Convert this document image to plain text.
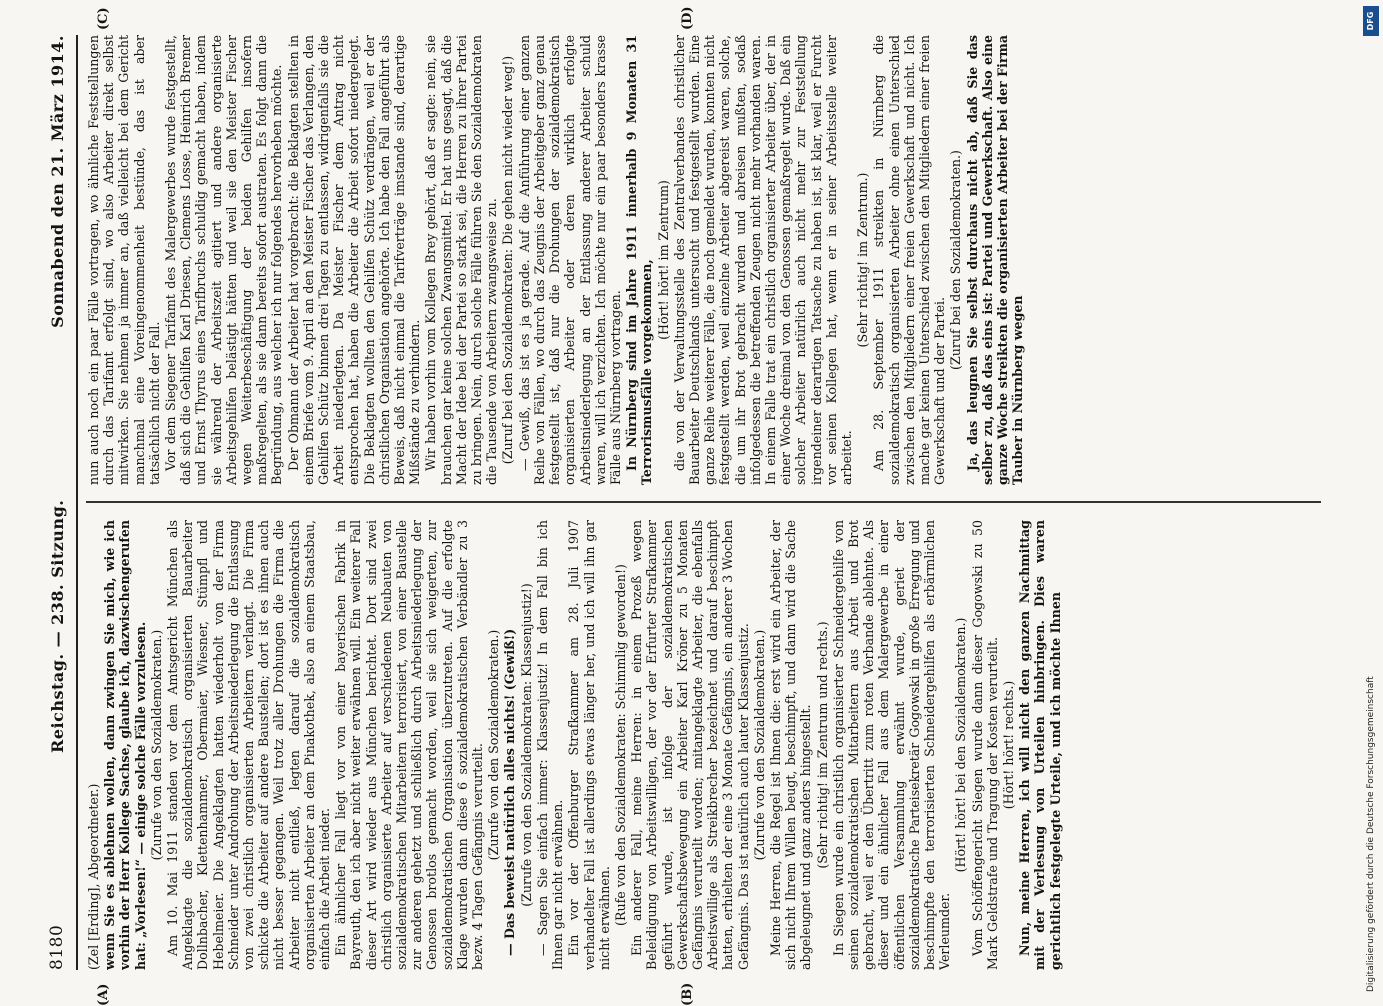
8180
Reichstag. — 238. Sitzung.
Sonnabend den 21. März 1914.

(Zel [Erding], Abgeordneter.) wenn Sie es ablehnen wollen, dann zwingen Sie mich, wie ich vorhin der Herr Kollege Sachse, glaube ich, dazwischengerufen hat: „Vorlesen!“ — einige solche Fälle vorzulesen. (Zurufe von den Sozialdemokraten.) Am 10. Mai 1911 standen vor dem Amtsgericht München als Angeklagte die sozialdemokratisch organisierten Bauarbeiter Dollnbacher, Klettenhammer, Obermaier, Wiesner, Stümpfl und Hebelmeier. Die Angeklagten hatten wiederholt von der Firma Schneider unter Androhung der Arbeitsniederlegung die Entlassung von zwei christlich organisierten Arbeitern verlangt. Die Firma schickte die Arbeiter auf andere Baustellen; dort ist es ihnen auch nicht besser gegangen. Weil trotz aller Drohungen die Firma die Arbeiter nicht entließ, legten darauf die sozialdemokratisch organisierten Arbeiter an dem Pinakothek, also an einem Staatsbau, einfach die Arbeit nieder. Ein ähnlicher Fall liegt vor von einer bayerischen Fabrik in Bayreuth, den ich aber nicht weiter erwähnen will. Ein weiterer Fall dieser Art wird wieder aus München berichtet. Dort sind zwei christlich organisierte Arbeiter auf verschiedenen Neubauten von sozialdemokratischen Mitarbeitern terrorisiert, von einer Baustelle zur anderen gehetzt und schließlich durch Arbeitsniederlegung der Genossen brotlos gemacht worden, weil sie sich weigerten, zur sozialdemokratischen Organisation überzutreten. Auf die erfolgte Klage wurden dann diese 6 sozialdemokratischen Verbändler zu 3 bezw. 4 Tagen Gefängnis verurteilt. (Zurufe von den Sozialdemokraten.) — Das beweist natürlich alles nichts! (Gewiß!) (Zurufe von den Sozialdemokraten: Klassenjustiz!) — Sagen Sie einfach immer: Klassenjustiz! In dem Fall bin ich Ihnen gar nicht erwähnen. Ein vor der Offenburger Strafkammer am 28. Juli 1907 verhandelter Fall ist allerdings etwas länger her, und ich will ihn gar nicht erwähnen. (Rufe von den Sozialdemokraten: Schimmlig geworden!) Ein anderer Fall, meine Herren: in einem Prozeß wegen Beleidigung von Arbeitswilligen, der vor der Erfurter Strafkammer geführt wurde, ist infolge der sozialdemokratischen Gewerkschaftsbewegung ein Arbeiter Karl Kröner zu 5 Monaten Gefängnis verurteilt worden; mitangeklagte Arbeiter, die ebenfalls Arbeitswillige als Streikbrecher bezeichnet und darauf beschimpft hatten, erhielten der eine 3 Monate Gefängnis, ein anderer 3 Wochen Gefängnis. Das ist natürlich auch lauter Klassenjustiz. (Zurufe von den Sozialdemokraten.) Meine Herren, die Regel ist Ihnen die: erst wird ein Arbeiter, der sich nicht Ihrem Willen beugt, beschimpft, und dann wird die Sache abgeleugnet und ganz anders hingestellt. (Sehr richtig! im Zentrum und rechts.) In Siegen wurde ein christlich organisierter Schneidergehilfe von seinen sozialdemokratischen Mitarbeitern aus Arbeit und Brot gebracht, weil er den Übertritt zum roten Verbande ablehnte. Als dieser und ein ähnlicher Fall aus dem Malergewerbe in einer öffentlichen Versammlung erwähnt wurde, geriet der sozialdemokratische Parteisekretär Gogowski in große Erregung und beschimpfte den terrorisierten Schneidergehilfen als erbärmlichen Verleumder.

(Hört! hört! bei den Sozialdemokraten.) Vom Schöffengericht Siegen wurde dann dieser Gogowski zu 50 Mark Geldstrafe und Tragung der Kosten verurteilt. (Hört! hört! rechts.) Nun, meine Herren, ich will nicht den ganzen Nachmittag mit der Verlesung von Urteilen hinbringen. Dies waren gerichtlich festgelegte Urteile, und ich möchte Ihnen

nun auch noch ein paar Fälle vortragen, wo ähnliche Feststellungen durch das Tarifamt erfolgt sind, wo also Arbeiter direkt selbst mitwirken. Sie nehmen ja immer an, daß vielleicht bei dem Gericht manchmal eine Voreingenommenheit bestünde, das ist aber tatsächlich nicht der Fall. Vor dem Siegener Tarifamt des Malergewerbes wurde festgestellt, daß sich die Gehilfen Karl Driesen, Clemens Losse, Heinrich Bremer und Ernst Thyrus eines Tarifbruchs schuldig gemacht haben, indem sie während der Arbeitszeit agitiert und andere organisierte Arbeitsgehilfen belästigt hätten und weil sie den Meister Fischer wegen Weiterbeschäftigung der beiden Gehilfen insofern maßregelten, als sie dann bereits sofort austraten. Es folgt dann die Begründung, aus welcher ich nur folgendes hervorheben möchte. Der Obmann der Arbeiter hat vorgebracht: die Beklagten stellten in einem Briefe vom 9. April an den Meister Fischer das Verlangen, den Gehilfen Schütz binnen drei Tagen zu entlassen, widrigenfalls sie die Arbeit niederlegten. Da Meister Fischer dem Antrag nicht entsprochen hat, haben die Arbeiter die Arbeit sofort niedergelegt. Die Beklagten wollten den Gehilfen Schütz verdrängen, weil er der christlichen Organisation angehörte. Ich habe den Fall angeführt als Beweis, daß nicht einmal die Tarifverträge imstande sind, derartige Mißstände zu verhindern. Wir haben vorhin vom Kollegen Brey gehört, daß er sagte: nein, sie brauchen gar keine solchen Zwangsmittel. Er hat uns gesagt, daß die Macht der Idee bei der Partei so stark sei, die Herren zu ihrer Partei zu bringen. Nein, durch solche Fälle führen Sie den Sozialdemokraten die Tausende von Arbeitern zwangsweise zu. (Zuruf bei den Sozialdemokraten: Die gehen nicht wieder weg!) — Gewiß, das ist es ja gerade. Auf die Anführung einer ganzen Reihe von Fällen, wo durch das Zeugnis der Arbeitgeber ganz genau festgestellt ist, daß nur die Drohungen der sozialdemokratisch organisierten Arbeiter oder deren wirklich erfolgte Arbeitsniederlegung an der Entlassung anderer Arbeiter schuld waren, will ich verzichten. Ich möchte nur ein paar besonders krasse Fälle aus Nürnberg vortragen. In Nürnberg sind im Jahre 1911 innerhalb 9 Monaten 31 Terrorismusfälle vorgekommen, (Hört! hört! im Zentrum) die von der Verwaltungsstelle des Zentralverbandes christlicher Bauarbeiter Deutschlands untersucht und festgestellt wurden. Eine ganze Reihe weiterer Fälle, die noch gemeldet wurden, konnten nicht festgestellt werden, weil einzelne Arbeiter abgereist waren, solche, die um ihr Brot gebracht wurden und abreisen mußten, sodaß infolgedessen die betreffenden Zeugen nicht mehr vorhanden waren. In einem Falle trat ein christlich organisierter Arbeiter über, der in einer Woche dreimal von den Genossen gemaßregelt wurde. Daß ein solcher Arbeiter natürlich auch nicht mehr zur Feststellung irgendeiner derartigen Tatsache zu haben ist, ist klar, weil er Furcht vor seinen Kollegen hat, wenn er in seiner Arbeitsstelle weiter arbeitet.

(Sehr richtig! im Zentrum.) Am 28. September 1911 streikten in Nürnberg die sozialdemokratisch organisierten Arbeiter ohne einen Unterschied zwischen den Mitgliedern einer freien Gewerkschaft und nicht. Ich mache gar keinen Unterschied zwischen den Mitgliedern einer freien Gewerkschaft und der Partei.

(Zuruf bei den Sozialdemokraten.) Ja, das leugnen Sie selbst durchaus nicht ab, daß Sie das selber zu, daß das eins ist: Partei und Gewerkschaft. Also eine ganze Woche streikten die organisierten Arbeiter bei der Firma Tauber in Nürnberg wegen

(A)	(B)
(C)	(D)
Digitalisierung gefördert durch die Deutsche Forschungsgemeinschaft
DFG
